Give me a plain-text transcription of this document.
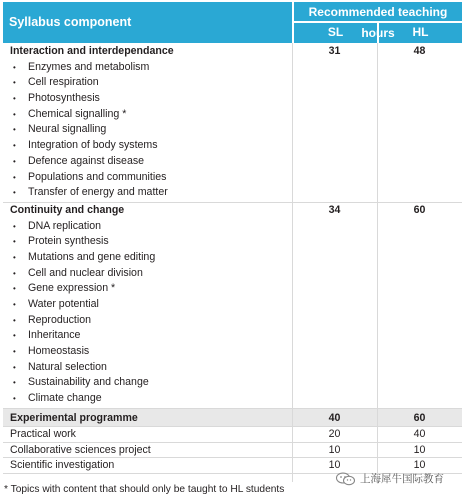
Syllabus component
Recommended teaching hours
SL	HL
Interaction and interdependance	31	48
• Enzymes and metabolism
• Cell respiration
• Photosynthesis
• Chemical signalling *
• Neural signalling
• Integration of body systems
• Defence against disease
• Populations and communities
• Transfer of energy and matter
Continuity and change	34	60
• DNA replication
• Protein synthesis
• Mutations and gene editing
• Cell and nuclear division
• Gene expression *
• Water potential
• Reproduction
• Inheritance
• Homeostasis
• Natural selection
• Sustainability and change
• Climate change
Experimental programme	40	60
Practical work	20	40
Collaborative sciences project	10	10
Scientific investigation	10	10
上海犀牛国际教育
* Topics with content that should only be taught to HL students
